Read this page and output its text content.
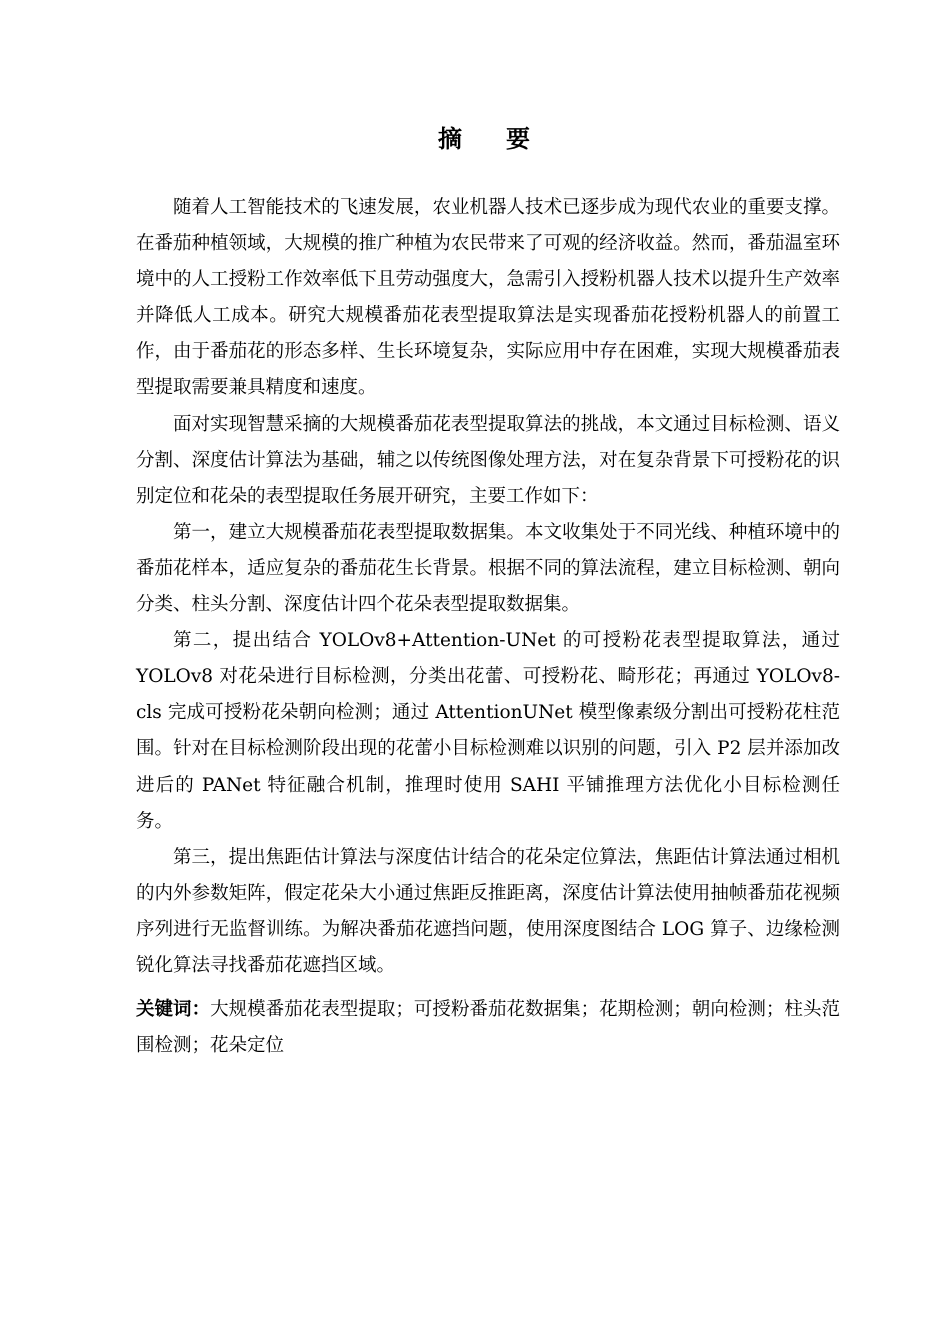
摘 要

随着人工智能技术的飞速发展，农业机器人技术已逐步成为现代农业的重要支撑。在番茄种植领域，大规模的推广种植为农民带来了可观的经济收益。然而，番茄温室环境中的人工授粉工作效率低下且劳动强度大，急需引入授粉机器人技术以提升生产效率并降低人工成本。研究大规模番茄花表型提取算法是实现番茄花授粉机器人的前置工作，由于番茄花的形态多样、生长环境复杂，实际应用中存在困难，实现大规模番茄表型提取需要兼具精度和速度。

面对实现智慧采摘的大规模番茄花表型提取算法的挑战，本文通过目标检测、语义分割、深度估计算法为基础，辅之以传统图像处理方法，对在复杂背景下可授粉花的识别定位和花朵的表型提取任务展开研究，主要工作如下：

第一，建立大规模番茄花表型提取数据集。本文收集处于不同光线、种植环境中的番茄花样本，适应复杂的番茄花生长背景。根据不同的算法流程，建立目标检测、朝向分类、柱头分割、深度估计四个花朵表型提取数据集。

第二，提出结合 YOLOv8+Attention-UNet 的可授粉花表型提取算法，通过YOLOv8 对花朵进行目标检测，分类出花蕾、可授粉花、畸形花；再通过 YOLOv8-cls 完成可授粉花朵朝向检测；通过 AttentionUNet 模型像素级分割出可授粉花柱范围。针对在目标检测阶段出现的花蕾小目标检测难以识别的问题，引入 P2 层并添加改进后的 PANet 特征融合机制，推理时使用 SAHI 平铺推理方法优化小目标检测任务。

第三，提出焦距估计算法与深度估计结合的花朵定位算法，焦距估计算法通过相机的内外参数矩阵，假定花朵大小通过焦距反推距离，深度估计算法使用抽帧番茄花视频序列进行无监督训练。为解决番茄花遮挡问题，使用深度图结合 LOG 算子、边缘检测锐化算法寻找番茄花遮挡区域。

关键词：大规模番茄花表型提取；可授粉番茄花数据集；花期检测；朝向检测；柱头范围检测；花朵定位
